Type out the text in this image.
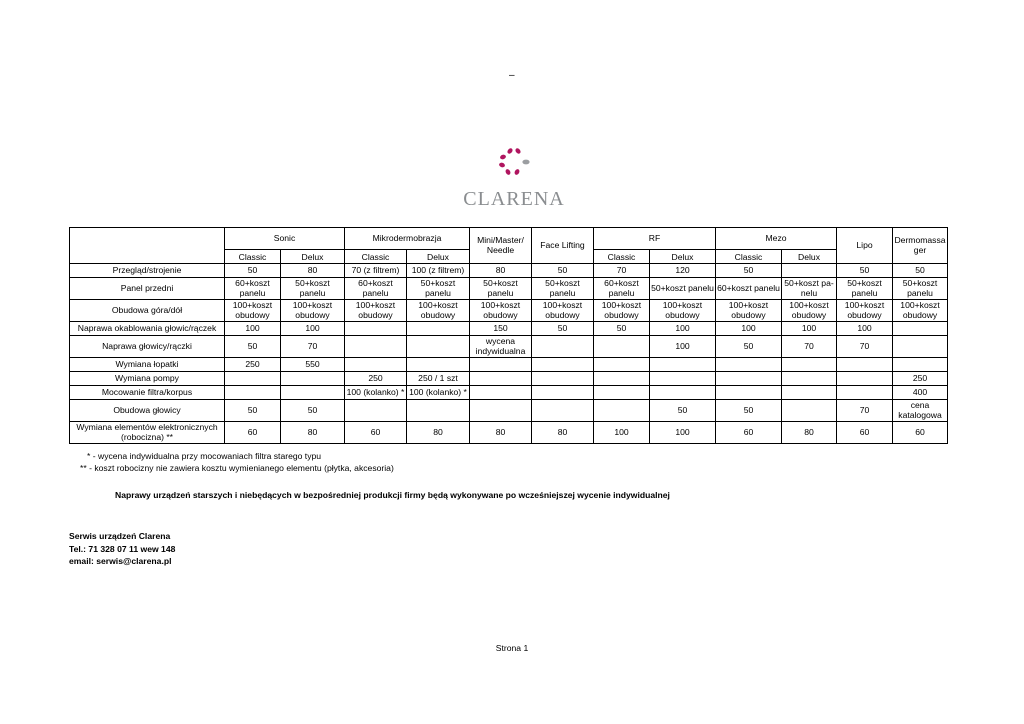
–
CLARENA
	Sonic		Mikrodermobrazja		Mini/Master/ Needle	Face Lifting	RF		Mezo		Lipo	Dermomassa ger
	Classic	Delux	Classic	Delux			Classic	Delux	Classic	Delux		
Przegląd/strojenie	50	80	70 (z filtrem)	100 (z filtrem)	80	50	70	120	50		50	50
Panel przedni	60+koszt panelu	50+koszt panelu	60+koszt panelu	50+koszt panelu	50+koszt panelu	50+koszt panelu	60+koszt panelu	50+koszt panelu	60+koszt panelu	50+koszt pa- nelu	50+koszt panelu	50+koszt panelu
Obudowa góra/dół	100+koszt obudowy	100+koszt obudowy	100+koszt obudowy	100+koszt obudowy	100+koszt obudowy	100+koszt obudowy	100+koszt obudowy	100+koszt obudowy	100+koszt obudowy	100+koszt obudowy	100+koszt obudowy	100+koszt obudowy
Naprawa okablowania głowic/rączek	100	100			150	50	50	100	100	100	100	
Naprawa głowicy/rączki	50	70			wycena indywidualna			100	50	70	70	
Wymiana łopatki	250	550										
Wymiana pompy			250	250 / 1 szt								250
Mocowanie filtra/korpus			100 (kolanko) *	100 (kolanko) *								400
Obudowa głowicy	50	50						50	50		70	cena katalogowa
Wymiana elementów elektronicznych (robocizna) **	60	80	60	80	80	80	100	100	60	80	60	60
* - wycena indywidualna przy mocowaniach filtra starego typu
** - koszt robocizny nie zawiera kosztu wymienianego elementu (płytka, akcesoria)
Naprawy urządzeń starszych i niebędących w bezpośredniej produkcji firmy będą wykonywane po wcześniejszej wycenie indywidualnej
Serwis urządzeń Clarena
Tel.: 71 328 07 11 wew 148
email: serwis@clarena.pl
Strona 1
